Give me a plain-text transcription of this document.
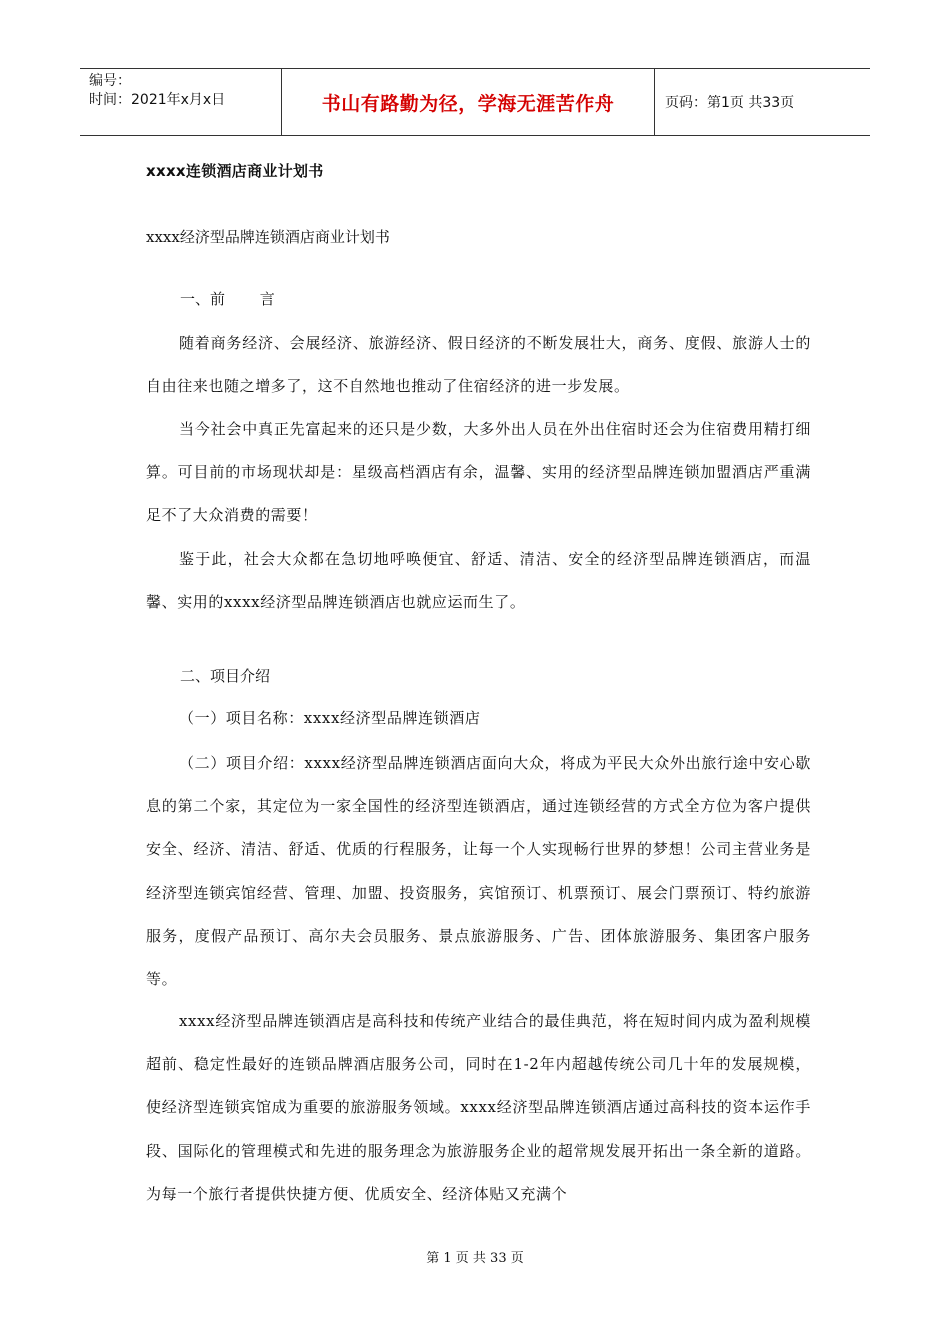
编号：
时间：2021年x月x日	书山有路勤为径，学海无涯苦作舟	页码：第1页 共33页
xxxx连锁酒店商业计划书
xxxx经济型品牌连锁酒店商业计划书
一、前　　 言

随着商务经济、会展经济、旅游经济、假日经济的不断发展壮大，商务、度假、旅游人士的自由往来也随之增多了，这不自然地也推动了住宿经济的进一步发展。

当今社会中真正先富起来的还只是少数，大多外出人员在外出住宿时还会为住宿费用精打细算。可目前的市场现状却是：星级高档酒店有余，温馨、实用的经济型品牌连锁加盟酒店严重满足不了大众消费的需要！

鉴于此，社会大众都在急切地呼唤便宜、舒适、清洁、安全的经济型品牌连锁酒店，而温馨、实用的xxxx经济型品牌连锁酒店也就应运而生了。

二、项目介绍

（一）项目名称：xxxx经济型品牌连锁酒店

（二）项目介绍：xxxx经济型品牌连锁酒店面向大众，将成为平民大众外出旅行途中安心歇息的第二个家，其定位为一家全国性的经济型连锁酒店，通过连锁经营的方式全方位为客户提供安全、经济、清洁、舒适、优质的行程服务，让每一个人实现畅行世界的梦想！公司主营业务是经济型连锁宾馆经营、管理、加盟、投资服务，宾馆预订、机票预订、展会门票预订、特约旅游服务，度假产品预订、高尔夫会员服务、景点旅游服务、广告、团体旅游服务、集团客户服务等。

xxxx经济型品牌连锁酒店是高科技和传统产业结合的最佳典范，将在短时间内成为盈利规模超前、稳定性最好的连锁品牌酒店服务公司，同时在1-2年内超越传统公司几十年的发展规模，使经济型连锁宾馆成为重要的旅游服务领域。xxxx经济型品牌连锁酒店通过高科技的资本运作手段、国际化的管理模式和先进的服务理念为旅游服务企业的超常规发展开拓出一条全新的道路。为每一个旅行者提供快捷方便、优质安全、经济体贴又充满个

第 1 页 共 33 页
